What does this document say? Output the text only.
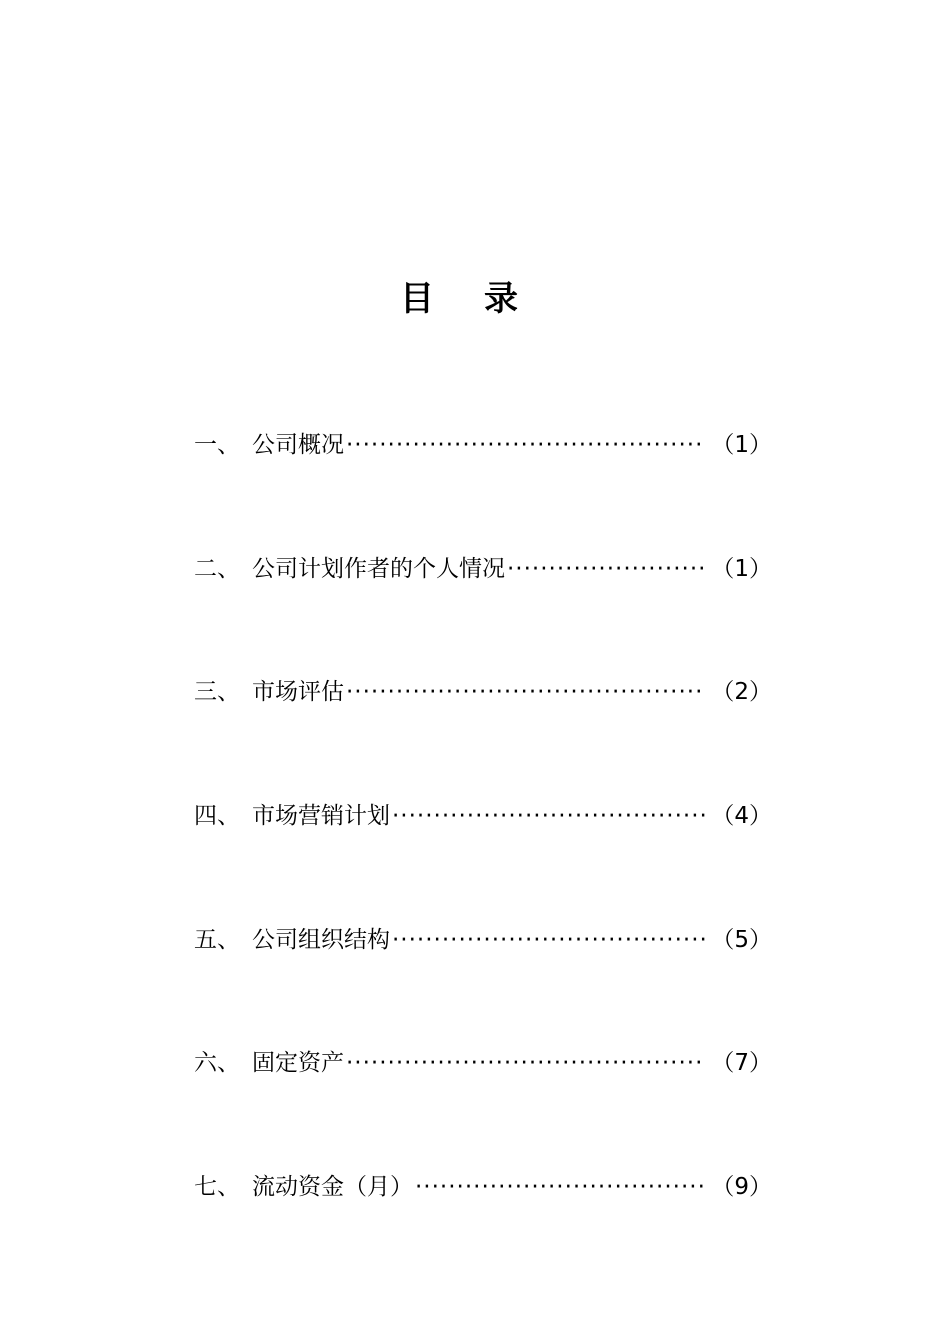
目录
一、 公司概况 ·····	（1）
二、 公司计划作者的个人情况 ·····	（1）
三、 市场评估 ·····	（2）
四、 市场营销计划 ·····	（4）
五、 公司组织结构 ·····	（5）
六、 固定资产 ·····	（7）
七、 流动资金（月） ·····	（9）
